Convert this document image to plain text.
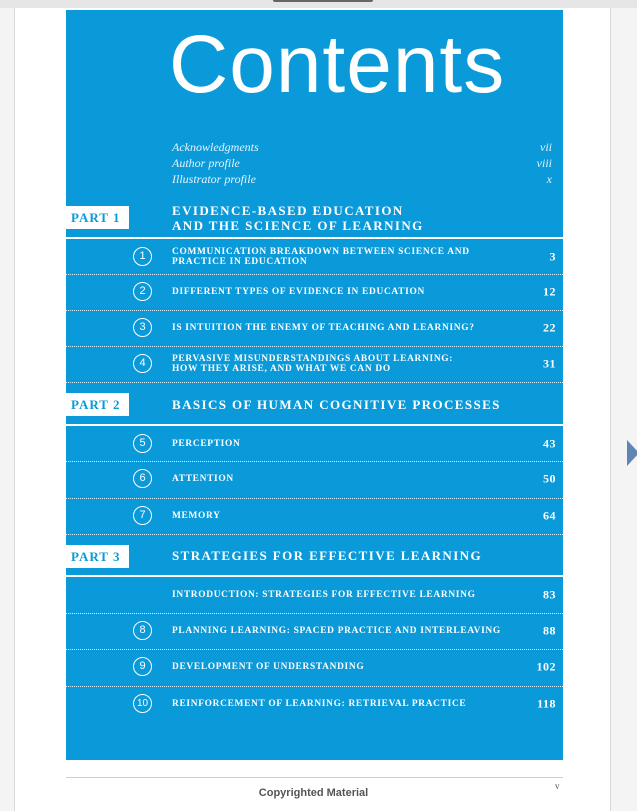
Contents
Acknowledgments	vii
Author profile	viii
Illustrator profile	x
PART 1	EVIDENCE-BASED EDUCATION
AND THE SCIENCE OF LEARNING
1	COMMUNICATION BREAKDOWN BETWEEN SCIENCE AND
PRACTICE IN EDUCATION	3
2	DIFFERENT TYPES OF EVIDENCE IN EDUCATION	12
3	IS INTUITION THE ENEMY OF TEACHING AND LEARNING?	22
4	PERVASIVE MISUNDERSTANDINGS ABOUT LEARNING:
HOW THEY ARISE, AND WHAT WE CAN DO	31
PART 2	BASICS OF HUMAN COGNITIVE PROCESSES
5	PERCEPTION	43
6	ATTENTION	50
7	MEMORY	64
PART 3	STRATEGIES FOR EFFECTIVE LEARNING
INTRODUCTION: STRATEGIES FOR EFFECTIVE LEARNING	83
8	PLANNING LEARNING: SPACED PRACTICE AND INTERLEAVING	88
9	DEVELOPMENT OF UNDERSTANDING	102
10	REINFORCEMENT OF LEARNING: RETRIEVAL PRACTICE	118
v
Copyrighted Material
